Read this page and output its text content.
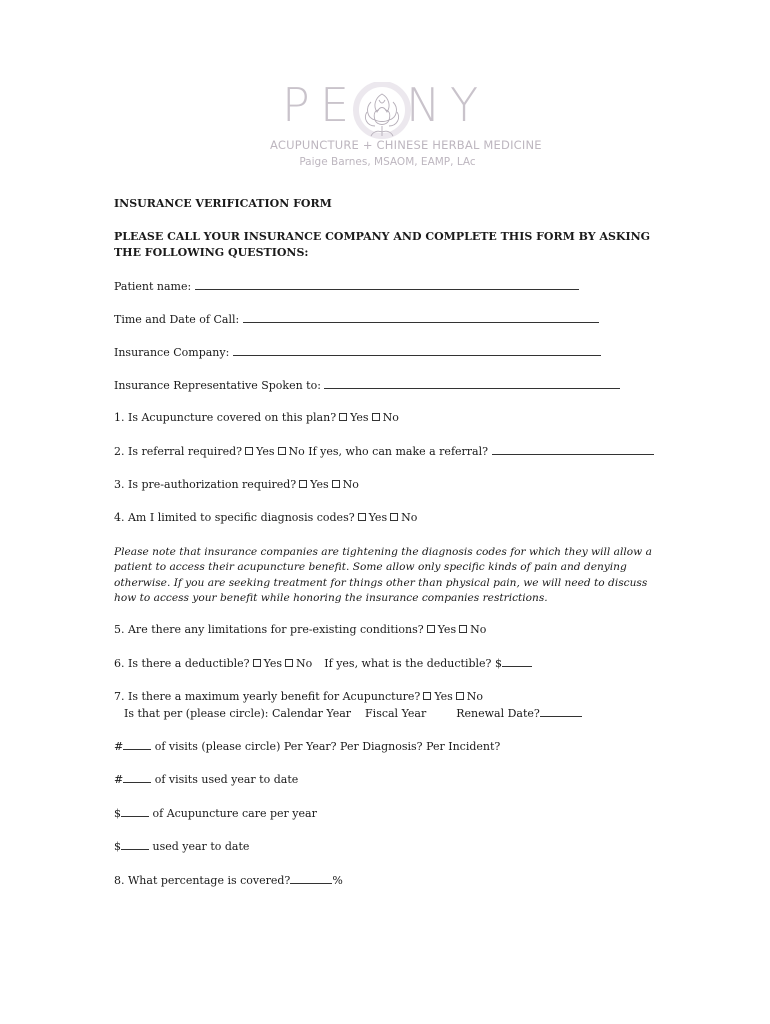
P E N Y
ACUPUNCTURE + CHINESE HERBAL MEDICINE
Paige Barnes, MSAOM, EAMP, LAc
INSURANCE VERIFICATION FORM
PLEASE CALL YOUR INSURANCE COMPANY AND COMPLETE THIS FORM BY ASKING THE FOLLOWING QUESTIONS:
Patient name:
Time and Date of Call:
Insurance Company:
Insurance Representative Spoken to:
1. Is Acupuncture covered on this plan? Yes No
2. Is referral required? Yes No If yes, who can make a referral?
3. Is pre-authorization required? Yes No
4. Am I limited to specific diagnosis codes? Yes No
Please note that insurance companies are tightening the diagnosis codes for which they will allow a patient to access their acupuncture benefit. Some allow only specific kinds of pain and denying otherwise. If you are seeking treatment for things other than physical pain, we will need to discuss how to access your benefit while honoring the insurance companies restrictions.
5. Are there any limitations for pre-existing conditions? Yes No
6. Is there a deductible? Yes No If yes, what is the deductible? $
7. Is there a maximum yearly benefit for Acupuncture? Yes No
Is that per (please circle): Calendar Year Fiscal Year	Renewal Date?
#	of visits (please circle) Per Year? Per Diagnosis? Per Incident?
#	of visits used year to date
$	of Acupuncture care per year
$	used year to date
8. What percentage is covered?	%
